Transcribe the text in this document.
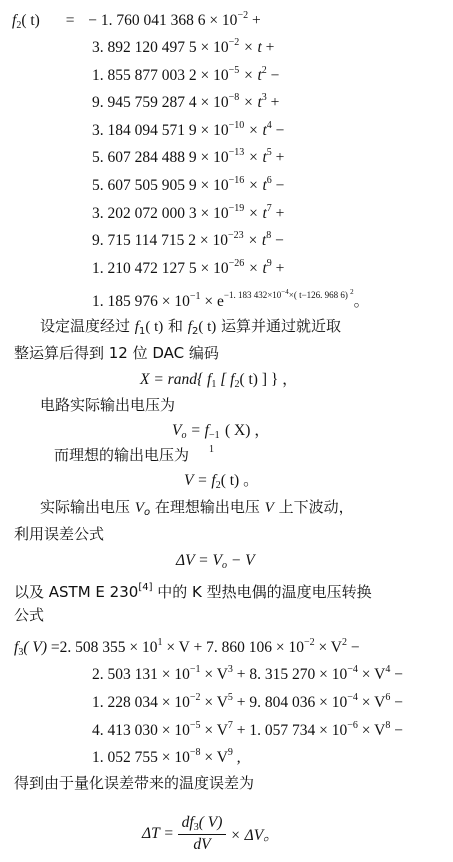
$f_2$( t) = − 1. 760 041 368 $6 \times 10^{-2}$ +
3. 892 120 497 $5 \times 10^{-2} \times t$ +
1. 855 877 003 $2 \times 10^{-5} \times t^2$ −
9. 945 759 287 $4 \times 10^{-8} \times t^3$ +
3. 184 094 571 $9 \times 10^{-10} \times t^4$ −
5. 607 284 488 $9 \times 10^{-13} \times t^5$ +
5. 607 505 905 $9 \times 10^{-16} \times t^6$ −
3. 202 072 000 $3 \times 10^{-19} \times t^7$ +
9. 715 114 715 $2 \times 10^{-23} \times t^8$ −
1. 210 472 127 $5 \times 10^{-26} \times t^9$ +
1. 185 $976 \times 10^{-1} \times e^{-1. 183 432\times 10^{-4}\times( t-126. 968 6) ^2}$。
设定温度经过 $f_1$( t) 和 $f_2$( t) 运算并通过就近取
整运算后得到 12 位 DAC 编码
X = rand{ $f_1$ [ $f_2$( t) ] } ，
电路实际输出电压为
$V_o = f -1$
1
( X) ，
而理想的输出电压为
$V = f_2$( t) 。
实际输出电压 $V_o$ 在理想输出电压 V 上下波动，
利用误差公式
$\Delta V = V_o - V$
以及 ASTM E 230[4] 中的 K 型热电偶的温度电压转换
公式
$f_3$( V) =2. 508 $355 \times 10^1 \times V + 7$. 860 $106 \times 10^{-2} \times V^2$ −
2. 503 $131 \times 10^{-1} \times V^3 + 8$. 315 $270 \times 10^{-4} \times V^4$ −
1. 228 $034 \times 10^{-2} \times V^5 + 9$. 804 $036 \times 10^{-4} \times V^6$ −
4. 413 $030 \times 10^{-5} \times V^7 + 1$. 057 $734 \times 10^{-6} \times V^8$ −
1. 052 $755 \times 10^{-8} \times V^9$ ,
得到由于量化误差带来的温度误差为
$\Delta T = \frac{df_3( V)}{dV} \times \Delta V$。
